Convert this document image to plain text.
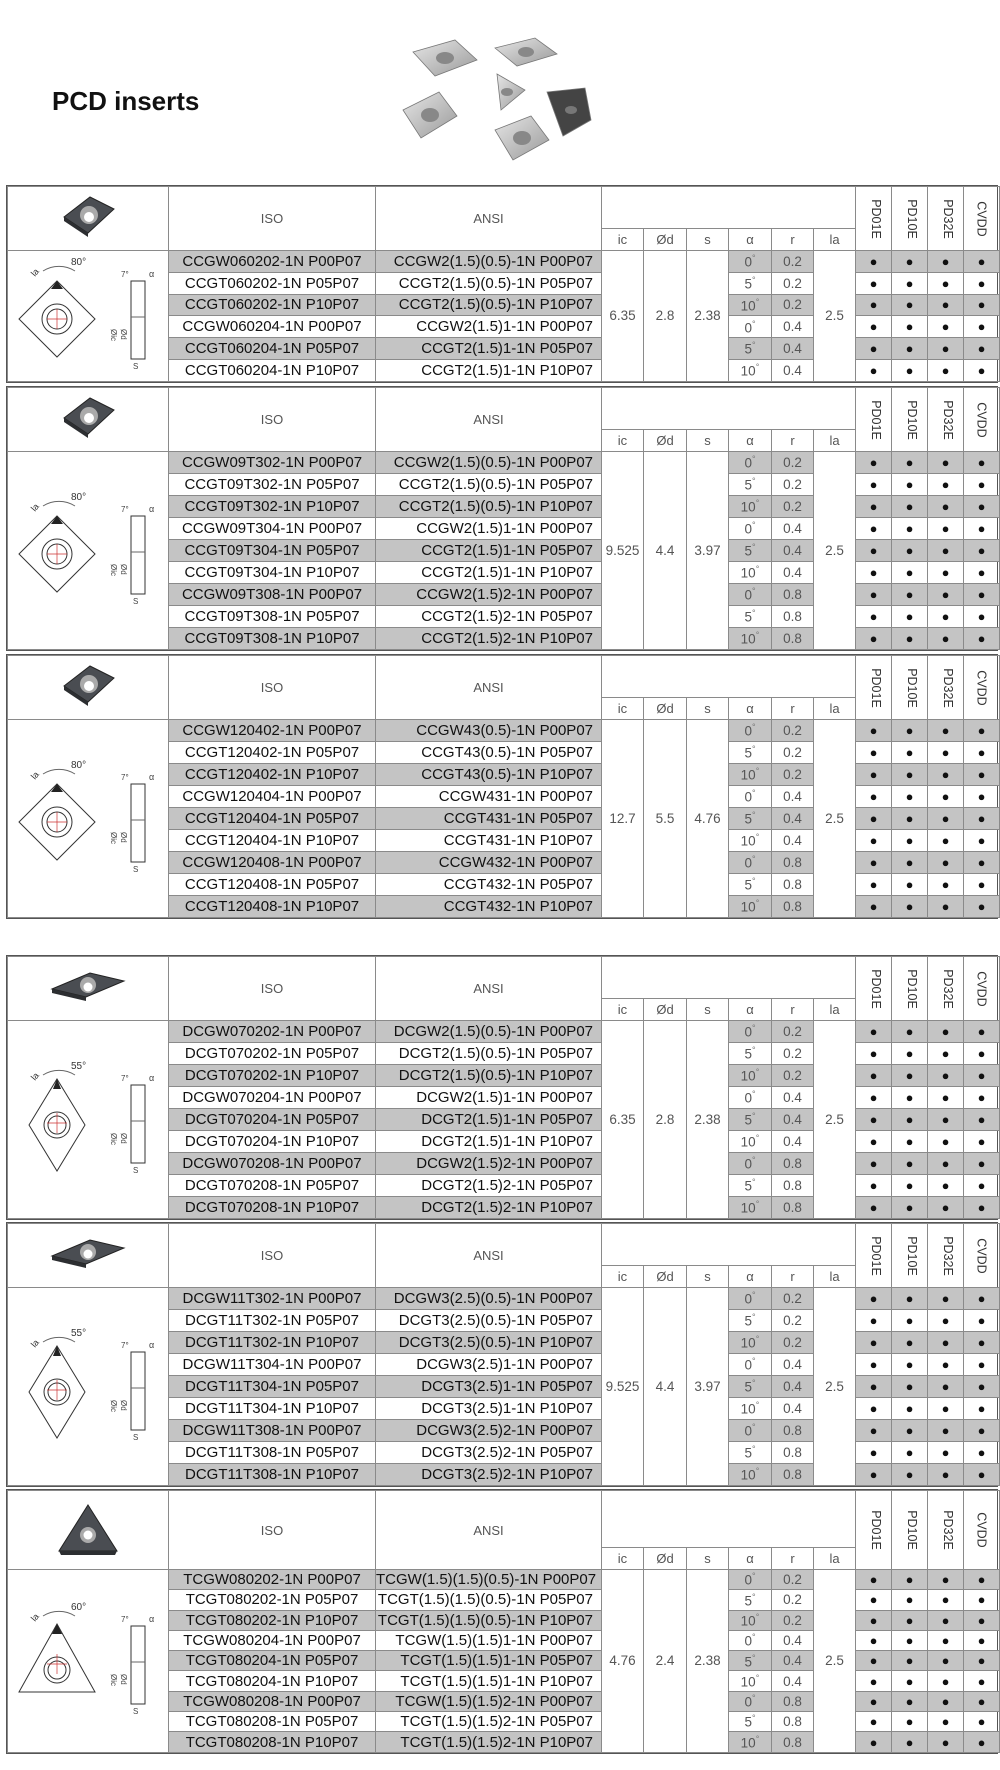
PCD inserts
	ISO	ANSI							PD01E	PD10E	PD32E	CVDD
			ic	Ød	s	α	r	la				

80°
la
Øic Ød
S
α
7°
	CCGW060202-1N P00P07	CCGW2(1.5)(0.5)-1N P00P07	6.35	2.8	2.38	0°	0.2	2.5	●	●	●	●
	CCGT060202-1N P05P07	CCGT2(1.5)(0.5)-1N P05P07				5°	0.2		●	●	●	●
	CCGT060202-1N P10P07	CCGT2(1.5)(0.5)-1N P10P07				10°	0.2		●	●	●	●
	CCGW060204-1N P00P07	CCGW2(1.5)1-1N P00P07				0°	0.4		●	●	●	●
	CCGT060204-1N P05P07	CCGT2(1.5)1-1N P05P07				5°	0.4		●	●	●	●
	CCGT060204-1N P10P07	CCGT2(1.5)1-1N P10P07				10°	0.4		●	●	●	●
	ISO	ANSI							PD01E	PD10E	PD32E	CVDD
			ic	Ød	s	α	r	la				

80°
la
Øic Ød
S
α
7°
	CCGW09T302-1N P00P07	CCGW2(1.5)(0.5)-1N P00P07	9.525	4.4	3.97	0°	0.2	2.5	●	●	●	●
	CCGT09T302-1N P05P07	CCGT2(1.5)(0.5)-1N P05P07				5°	0.2		●	●	●	●
	CCGT09T302-1N P10P07	CCGT2(1.5)(0.5)-1N P10P07				10°	0.2		●	●	●	●
	CCGW09T304-1N P00P07	CCGW2(1.5)1-1N P00P07				0°	0.4		●	●	●	●
	CCGT09T304-1N P05P07	CCGT2(1.5)1-1N P05P07				5°	0.4		●	●	●	●
	CCGT09T304-1N P10P07	CCGT2(1.5)1-1N P10P07				10°	0.4		●	●	●	●
	CCGW09T308-1N P00P07	CCGW2(1.5)2-1N P00P07				0°	0.8		●	●	●	●
	CCGT09T308-1N P05P07	CCGT2(1.5)2-1N P05P07				5°	0.8		●	●	●	●
	CCGT09T308-1N P10P07	CCGT2(1.5)2-1N P10P07				10°	0.8		●	●	●	●
	ISO	ANSI							PD01E	PD10E	PD32E	CVDD
			ic	Ød	s	α	r	la				

80°
la
Øic Ød
S
α
7°
	CCGW120402-1N P00P07	CCGW43(0.5)-1N P00P07	12.7	5.5	4.76	0°	0.2	2.5	●	●	●	●
	CCGT120402-1N P05P07	CCGT43(0.5)-1N P05P07				5°	0.2		●	●	●	●
	CCGT120402-1N P10P07	CCGT43(0.5)-1N P10P07				10°	0.2		●	●	●	●
	CCGW120404-1N P00P07	CCGW431-1N P00P07				0°	0.4		●	●	●	●
	CCGT120404-1N P05P07	CCGT431-1N P05P07				5°	0.4		●	●	●	●
	CCGT120404-1N P10P07	CCGT431-1N P10P07				10°	0.4		●	●	●	●
	CCGW120408-1N P00P07	CCGW432-1N P00P07				0°	0.8		●	●	●	●
	CCGT120408-1N P05P07	CCGT432-1N P05P07				5°	0.8		●	●	●	●
	CCGT120408-1N P10P07	CCGT432-1N P10P07				10°	0.8		●	●	●	●
	ISO	ANSI							PD01E	PD10E	PD32E	CVDD
			ic	Ød	s	α	r	la				

55°
la
Øic Ød
S
α
7°
	DCGW070202-1N P00P07	DCGW2(1.5)(0.5)-1N P00P07	6.35	2.8	2.38	0°	0.2	2.5	●	●	●	●
	DCGT070202-1N P05P07	DCGT2(1.5)(0.5)-1N P05P07				5°	0.2		●	●	●	●
	DCGT070202-1N P10P07	DCGT2(1.5)(0.5)-1N P10P07				10°	0.2		●	●	●	●
	DCGW070204-1N P00P07	DCGW2(1.5)1-1N P00P07				0°	0.4		●	●	●	●
	DCGT070204-1N P05P07	DCGT2(1.5)1-1N P05P07				5°	0.4		●	●	●	●
	DCGT070204-1N P10P07	DCGT2(1.5)1-1N P10P07				10°	0.4		●	●	●	●
	DCGW070208-1N P00P07	DCGW2(1.5)2-1N P00P07				0°	0.8		●	●	●	●
	DCGT070208-1N P05P07	DCGT2(1.5)2-1N P05P07				5°	0.8		●	●	●	●
	DCGT070208-1N P10P07	DCGT2(1.5)2-1N P10P07				10°	0.8		●	●	●	●
	ISO	ANSI							PD01E	PD10E	PD32E	CVDD
			ic	Ød	s	α	r	la				

55°
la
Øic Ød
S
α
7°
	DCGW11T302-1N P00P07	DCGW3(2.5)(0.5)-1N P00P07	9.525	4.4	3.97	0°	0.2	2.5	●	●	●	●
	DCGT11T302-1N P05P07	DCGT3(2.5)(0.5)-1N P05P07				5°	0.2		●	●	●	●
	DCGT11T302-1N P10P07	DCGT3(2.5)(0.5)-1N P10P07				10°	0.2		●	●	●	●
	DCGW11T304-1N P00P07	DCGW3(2.5)1-1N P00P07				0°	0.4		●	●	●	●
	DCGT11T304-1N P05P07	DCGT3(2.5)1-1N P05P07				5°	0.4		●	●	●	●
	DCGT11T304-1N P10P07	DCGT3(2.5)1-1N P10P07				10°	0.4		●	●	●	●
	DCGW11T308-1N P00P07	DCGW3(2.5)2-1N P00P07				0°	0.8		●	●	●	●
	DCGT11T308-1N P05P07	DCGT3(2.5)2-1N P05P07				5°	0.8		●	●	●	●
	DCGT11T308-1N P10P07	DCGT3(2.5)2-1N P10P07				10°	0.8		●	●	●	●
	ISO	ANSI							PD01E	PD10E	PD32E	CVDD
			ic	Ød	s	α	r	la				

60°
la
Øic Ød
S
α
7°
	TCGW080202-1N P00P07	TCGW(1.5)(1.5)(0.5)-1N P00P07	4.76	2.4	2.38	0°	0.2	2.5	●	●	●	●
	TCGT080202-1N P05P07	TCGT(1.5)(1.5)(0.5)-1N P05P07				5°	0.2		●	●	●	●
	TCGT080202-1N P10P07	TCGT(1.5)(1.5)(0.5)-1N P10P07				10°	0.2		●	●	●	●
	TCGW080204-1N P00P07	TCGW(1.5)(1.5)1-1N P00P07				0°	0.4		●	●	●	●
	TCGT080204-1N P05P07	TCGT(1.5)(1.5)1-1N P05P07				5°	0.4		●	●	●	●
	TCGT080204-1N P10P07	TCGT(1.5)(1.5)1-1N P10P07				10°	0.4		●	●	●	●
	TCGW080208-1N P00P07	TCGW(1.5)(1.5)2-1N P00P07				0°	0.8		●	●	●	●
	TCGT080208-1N P05P07	TCGT(1.5)(1.5)2-1N P05P07				5°	0.8		●	●	●	●
	TCGT080208-1N P10P07	TCGT(1.5)(1.5)2-1N P10P07				10°	0.8		●	●	●	●
